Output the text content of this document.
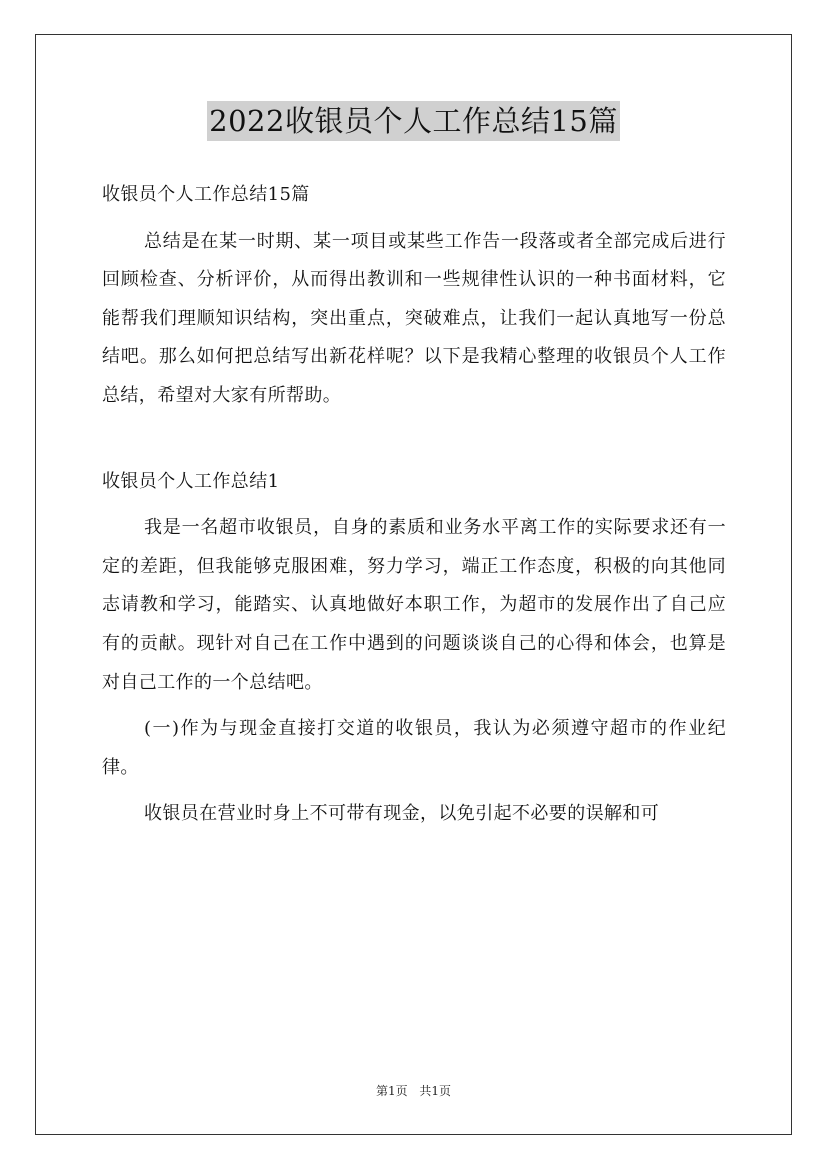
2022收银员个人工作总结15篇

收银员个人工作总结15篇

总结是在某一时期、某一项目或某些工作告一段落或者全部完成后进行回顾检查、分析评价，从而得出教训和一些规律性认识的一种书面材料，它能帮我们理顺知识结构，突出重点，突破难点，让我们一起认真地写一份总结吧。那么如何把总结写出新花样呢？以下是我精心整理的收银员个人工作总结，希望对大家有所帮助。

收银员个人工作总结1

我是一名超市收银员，自身的素质和业务水平离工作的实际要求还有一定的差距，但我能够克服困难，努力学习，端正工作态度，积极的向其他同志请教和学习，能踏实、认真地做好本职工作，为超市的发展作出了自己应有的贡献。现针对自己在工作中遇到的问题谈谈自己的心得和体会，也算是对自己工作的一个总结吧。

(一)作为与现金直接打交道的收银员，我认为必须遵守超市的作业纪律。

收银员在营业时身上不可带有现金，以免引起不必要的误解和可

第1页 共1页
